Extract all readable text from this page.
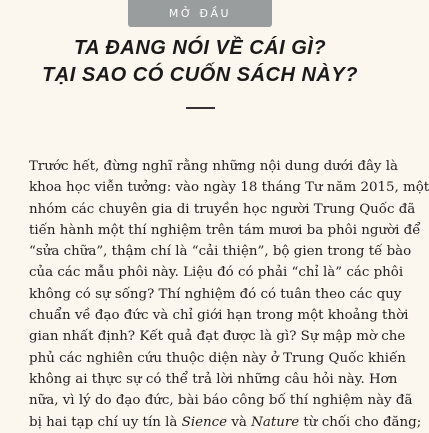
MỞ ĐẦU
TA ĐANG NÓI VỀ CÁI GÌ?
TẠI SAO CÓ CUỐN SÁCH NÀY?
Trước hết, đừng nghĩ rằng những nội dung dưới đây là
khoa học viễn tưởng: vào ngày 18 tháng Tư năm 2015, một
nhóm các chuyên gia di truyền học người Trung Quốc đã
tiến hành một thí nghiệm trên tám mươi ba phôi người để
“sửa chữa”, thậm chí là “cải thiện”, bộ gien trong tế bào
của các mẫu phôi này. Liệu đó có phải “chỉ là” các phôi
không có sự sống? Thí nghiệm đó có tuân theo các quy
chuẩn về đạo đức và chỉ giới hạn trong một khoảng thời
gian nhất định? Kết quả đạt được là gì? Sự mập mờ che
phủ các nghiên cứu thuộc diện này ở Trung Quốc khiến
không ai thực sự có thể trả lời những câu hỏi này. Hơn
nữa, vì lý do đạo đức, bài báo công bố thí nghiệm này đã
bị hai tạp chí uy tín là Sience và Nature từ chối cho đăng;
